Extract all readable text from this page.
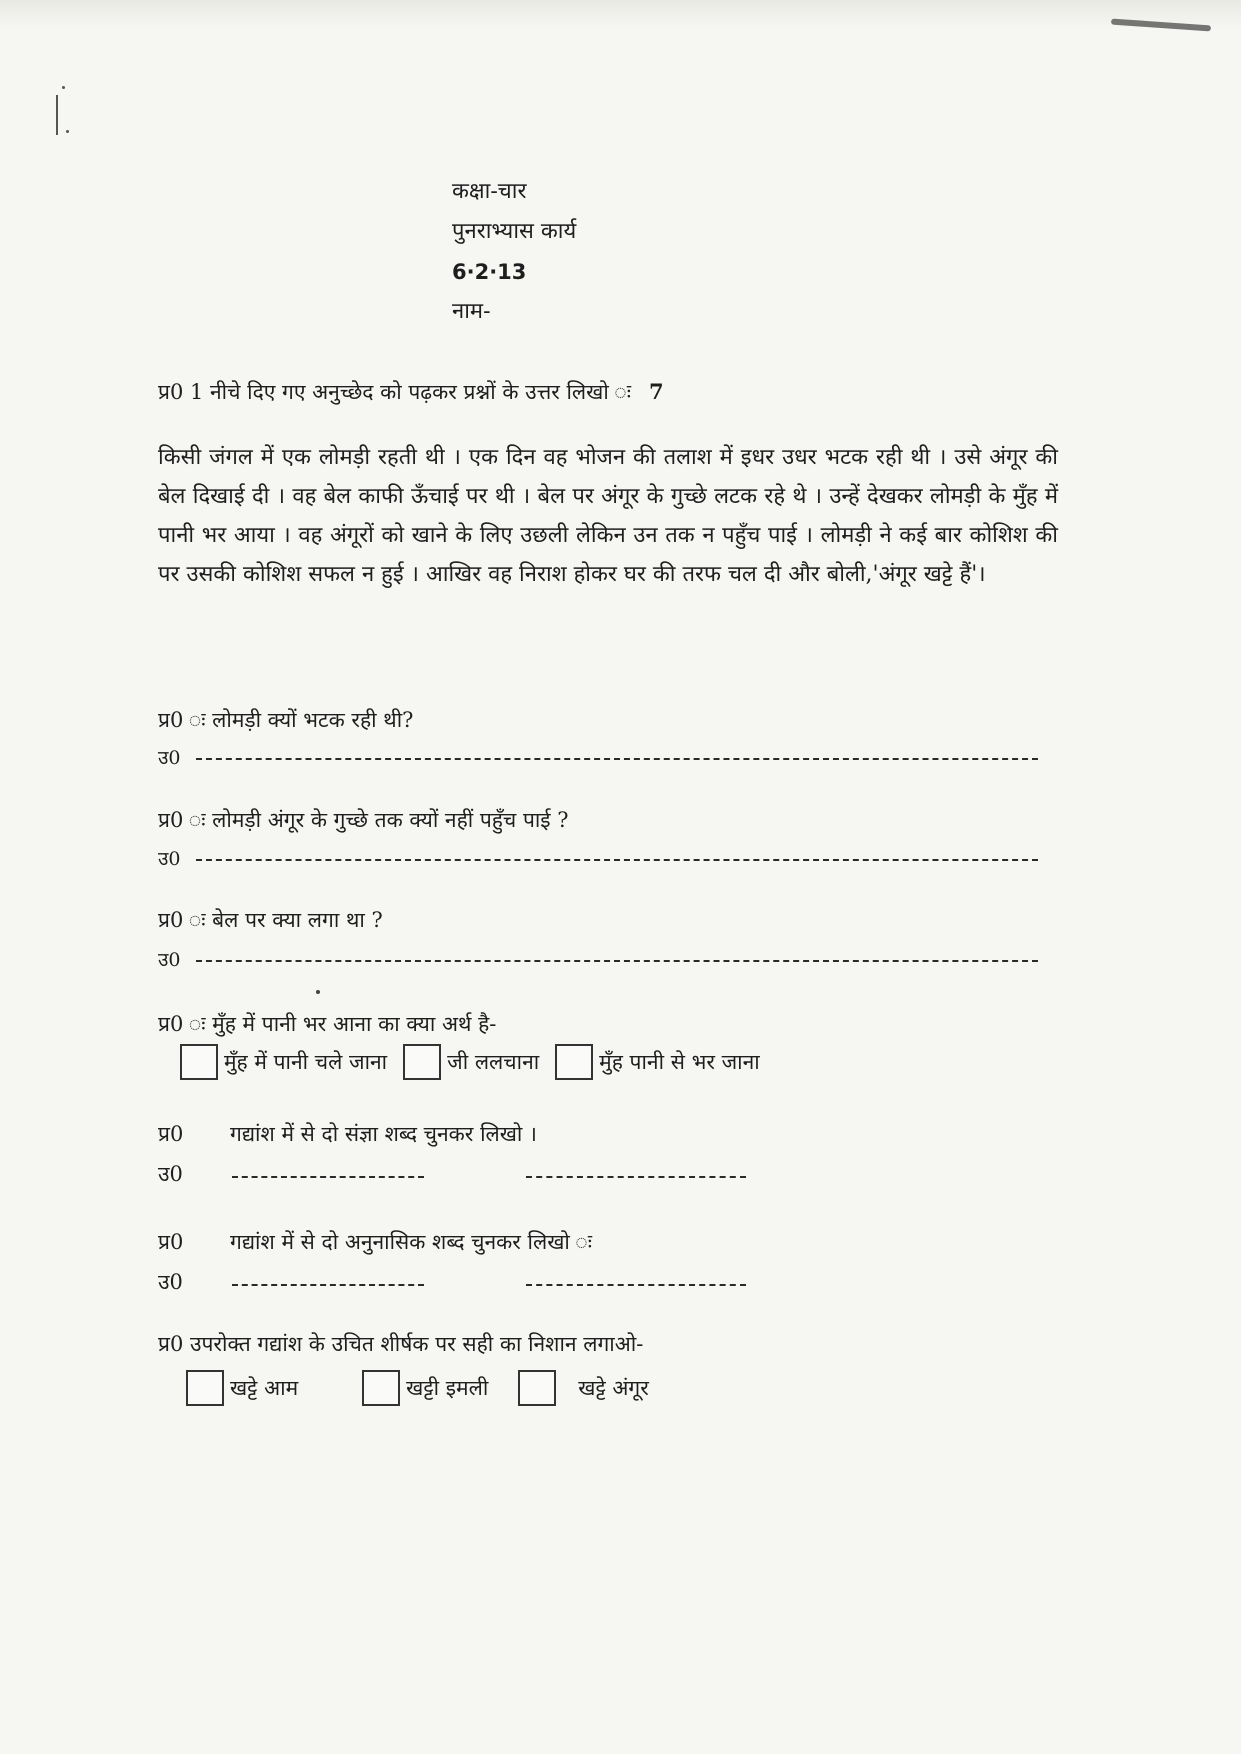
कक्षा-चार
पुनराभ्यास कार्य
6·2·13
नाम-
प्र0 1 नीचे दिए गए अनुच्छेद को पढ़कर प्रश्नों के उत्तर लिखो ः 7
किसी जंगल में एक लोमड़ी रहती थी । एक दिन वह भोजन की तलाश में इधर उधर भटक रही थी । उसे अंगूर की बेल दिखाई दी । वह बेल काफी ऊँचाई पर थी । बेल पर अंगूर के गुच्छे लटक रहे थे । उन्हें देखकर लोमड़ी के मुँह में पानी भर आया । वह अंगूरों को खाने के लिए उछली लेकिन उन तक न पहुँच पाई । लोमड़ी ने कई बार कोशिश की पर उसकी कोशिश सफल न हुई । आखिर वह निराश होकर घर की तरफ चल दी और बोली,'अंगूर खट्टे हैं'।
प्र0 ः लोमड़ी क्यों भटक रही थी?
उ0
प्र0 ः लोमड़ी अंगूर के गुच्छे तक क्यों नहीं पहुँच पाई ?
उ0
प्र0 ः बेल पर क्या लगा था ?
उ0
प्र0 ः मुँह में पानी भर आना का क्या अर्थ है-
मुँह में पानी चले जाना	जी ललचाना	मुँह पानी से भर जाना
प्र0 गद्यांश में से दो संज्ञा शब्द चुनकर लिखो ।
उ0
प्र0 गद्यांश में से दो अनुनासिक शब्द चुनकर लिखो ः
उ0
प्र0 उपरोक्त गद्यांश के उचित शीर्षक पर सही का निशान लगाओ-
खट्टे आम	खट्टी इमली	खट्टे अंगूर
